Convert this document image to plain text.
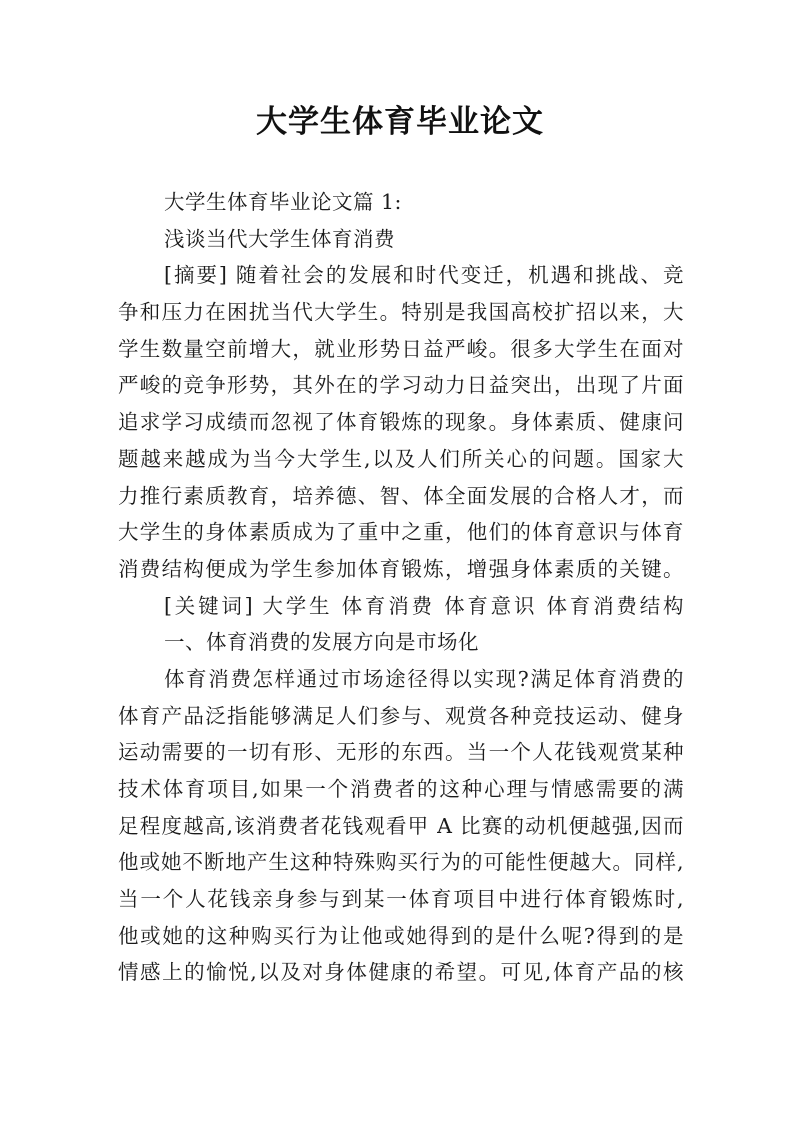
大学生体育毕业论文
大学生体育毕业论文篇 1:
浅谈当代大学生体育消费
[摘要] 随着社会的发展和时代变迁，机遇和挑战、竞
争和压力在困扰当代大学生。特别是我国高校扩招以来，大
学生数量空前增大，就业形势日益严峻。很多大学生在面对
严峻的竞争形势，其外在的学习动力日益突出，出现了片面
追求学习成绩而忽视了体育锻炼的现象。身体素质、健康问
题越来越成为当今大学生,以及人们所关心的问题。国家大
力推行素质教育，培养德、智、体全面发展的合格人才，而
大学生的身体素质成为了重中之重，他们的体育意识与体育
消费结构便成为学生参加体育锻炼，增强身体素质的关键。
[关键词] 大学生 体育消费 体育意识 体育消费结构
一、体育消费的发展方向是市场化
体育消费怎样通过市场途径得以实现?满足体育消费的
体育产品泛指能够满足人们参与、观赏各种竞技运动、健身
运动需要的一切有形、无形的东西。当一个人花钱观赏某种
技术体育项目,如果一个消费者的这种心理与情感需要的满
足程度越高,该消费者花钱观看甲 A 比赛的动机便越强,因而
他或她不断地产生这种特殊购买行为的可能性便越大。同样,
当一个人花钱亲身参与到某一体育项目中进行体育锻炼时,
他或她的这种购买行为让他或她得到的是什么呢?得到的是
情感上的愉悦,以及对身体健康的希望。可见,体育产品的核
